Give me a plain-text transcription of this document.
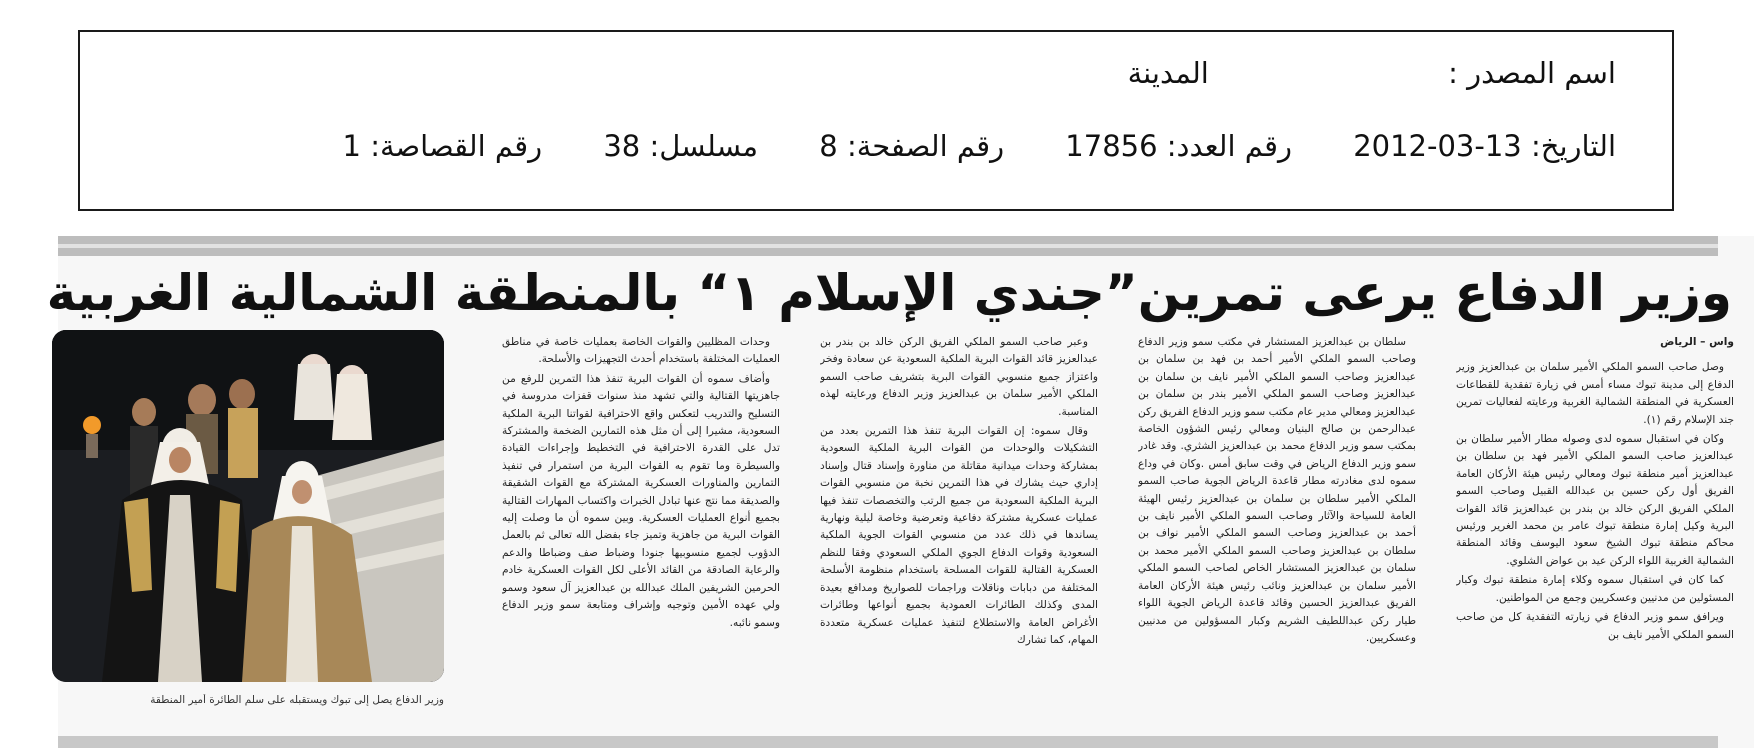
اسم المصدر : المدينة
التاريخ: 2012-03-13 رقم العدد: 17856 رقم الصفحة: 8 مسلسل: 38 رقم القصاصة: 1
وزير الدفاع يرعى تمرين”جندي الإسلام ١“ بالمنطقة الشمالية الغربية

واس – الرياض

وصل صاحب السمو الملكي الأمير سلمان بن عبدالعزيز وزير الدفاع إلى مدينة تبوك مساء أمس في زيارة تفقدية للقطاعات العسكرية في المنطقة الشمالية الغربية ورعايته لفعاليات تمرين جند الإسلام رقم (١).

وكان في استقبال سموه لدى وصوله مطار الأمير سلطان بن عبدالعزيز صاحب السمو الملكي الأمير فهد بن سلطان بن عبدالعزيز أمير منطقة تبوك ومعالي رئيس هيئة الأركان العامة الفريق أول ركن حسين بن عبدالله القبيل وصاحب السمو الملكي الفريق الركن خالد بن بندر بن عبدالعزيز قائد القوات البرية وكيل إمارة منطقة تبوك عامر بن محمد الغرير ورئيس محاكم منطقة تبوك الشيخ سعود اليوسف وقائد المنطقة الشمالية الغربية اللواء الركن عيد بن عواض الشلوي.

كما كان في استقبال سموه وكلاء إمارة منطقة تبوك وكبار المسئولين من مدنيين وعسكريين وجمع من المواطنين.

ويرافق سمو وزير الدفاع في زيارته التفقدية كل من صاحب السمو الملكي الأمير نايف بن

سلطان بن عبدالعزيز المستشار في مكتب سمو وزير الدفاع وصاحب السمو الملكي الأمير أحمد بن فهد بن سلمان بن عبدالعزيز وصاحب السمو الملكي الأمير نايف بن سلمان بن عبدالعزيز وصاحب السمو الملكي الأمير بندر بن سلمان بن عبدالعزيز ومعالي مدير عام مكتب سمو وزير الدفاع الفريق ركن عبدالرحمن بن صالح البنيان ومعالي رئيس الشؤون الخاصة بمكتب سمو وزير الدفاع محمد بن عبدالعزيز الشثري. وقد غادر سمو وزير الدفاع الرياض في وقت سابق أمس .وكان في وداع سموه لدى مغادرته مطار قاعدة الرياض الجوية صاحب السمو الملكي الأمير سلطان بن سلمان بن عبدالعزيز رئيس الهيئة العامة للسياحة والآثار وصاحب السمو الملكي الأمير نايف بن أحمد بن عبدالعزيز وصاحب السمو الملكي الأمير نواف بن سلطان بن عبدالعزيز وصاحب السمو الملكي الأمير محمد بن سلمان بن عبدالعزيز المستشار الخاص لصاحب السمو الملكي الأمير سلمان بن عبدالعزيز ونائب رئيس هيئة الأركان العامة الفريق عبدالعزيز الحسين وقائد قاعدة الرياض الجوية اللواء طيار ركن عبداللطيف الشريم وكبار المسؤولين من مدنيين وعسكريين.

وعبر صاحب السمو الملكي الفريق الركن خالد بن بندر بن عبدالعزيز قائد القوات البرية الملكية السعودية عن سعادة وفخر واعتزاز جميع منسوبي القوات البرية بتشريف صاحب السمو الملكي الأمير سلمان بن عبدالعزيز وزير الدفاع ورعايته لهذه المناسبة.

وقال سموه: إن القوات البرية تنفذ هذا التمرين بعدد من التشكيلات والوحدات من القوات البرية الملكية السعودية بمشاركة وحدات ميدانية مقاتلة من مناورة وإسناد قتال وإسناد إداري حيث يشارك في هذا التمرين نخبة من منسوبي القوات البرية الملكية السعودية من جميع الرتب والتخصصات تنفذ فيها عمليات عسكرية مشتركة دفاعية وتعرضية وخاصة ليلية ونهارية يساندها في ذلك عدد من منسوبي القوات الجوية الملكية السعودية وقوات الدفاع الجوي الملكي السعودي وفقا للنظم العسكرية القتالية للقوات المسلحة باستخدام منظومة الأسلحة المختلفة من دبابات وناقلات وراجمات للصواريخ ومدافع بعيدة المدى وكذلك الطائرات العمودية بجميع أنواعها وطائرات الأغراض العامة والاستطلاع لتنفيذ عمليات عسكرية متعددة المهام، كما تشارك

وحدات المظليين والقوات الخاصة بعمليات خاصة في مناطق العمليات المختلفة باستخدام أحدث التجهيزات والأسلحة.

وأضاف سموه أن القوات البرية تنفذ هذا التمرين للرفع من جاهزيتها القتالية والتي تشهد منذ سنوات قفزات مدروسة في التسليح والتدريب لتعكس واقع الاحترافية لقواتنا البرية الملكية السعودية، مشيرا إلى أن مثل هذه التمارين الضخمة والمشتركة تدل على القدرة الاحترافية في التخطيط وإجراءات القيادة والسيطرة وما تقوم به القوات البرية من استمرار في تنفيذ التمارين والمناورات العسكرية المشتركة مع القوات الشقيقة والصديقة مما نتج عنها تبادل الخبرات واكتساب المهارات القتالية بجميع أنواع العمليات العسكرية. وبين سموه أن ما وصلت إليه القوات البرية من جاهزية وتميز جاء بفضل الله تعالى ثم بالعمل الدؤوب لجميع منسوبيها جنودا وضباط صف وضباطا والدعم والرعاية الصادقة من القائد الأعلى لكل القوات العسكرية خادم الحرمين الشريفين الملك عبدالله بن عبدالعزيز آل سعود وسمو ولي عهده الأمين وتوجيه وإشراف ومتابعة سمو وزير الدفاع وسمو نائبه.

وزير الدفاع يصل إلى تبوك ويستقبله على سلم الطائرة أمير المنطقة
